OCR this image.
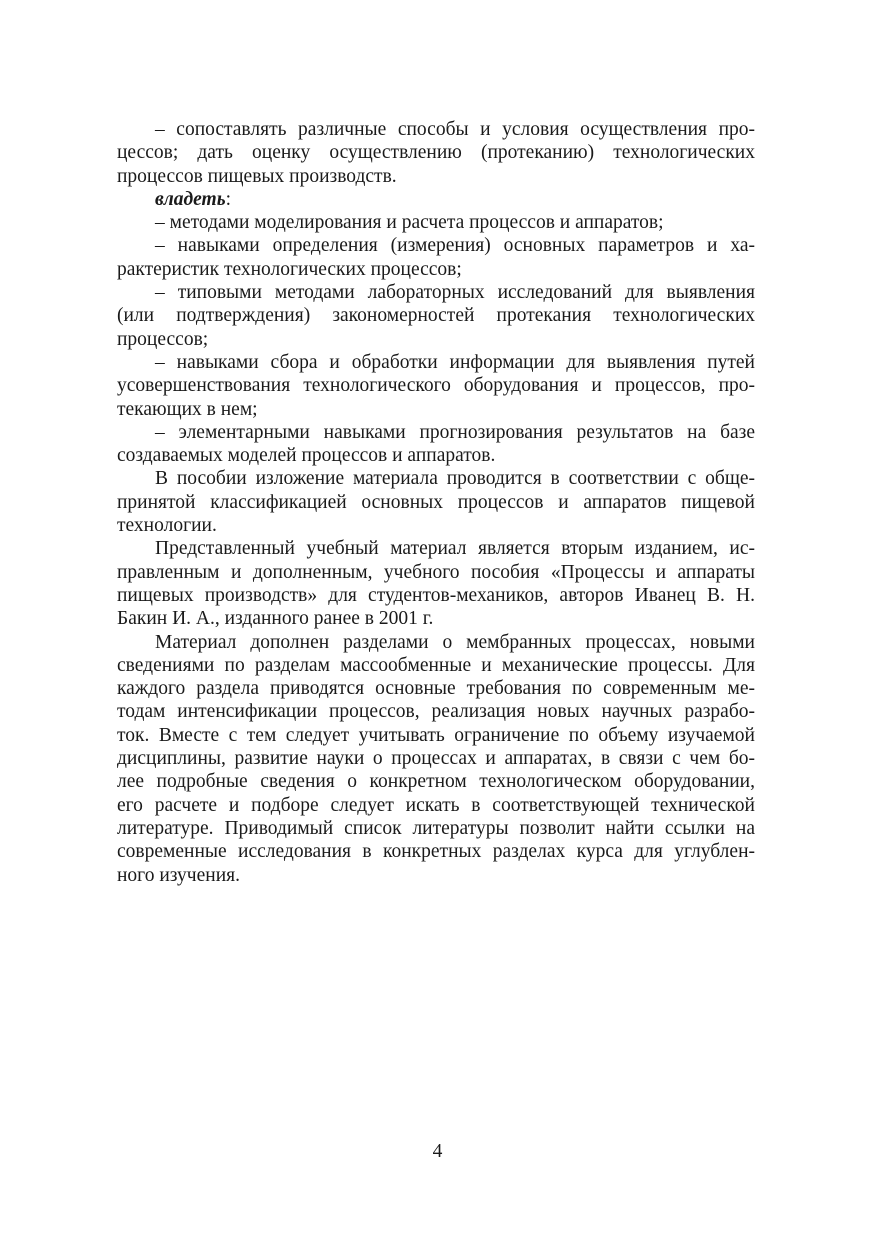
– сопоставлять различные способы и условия осуществления про-
цессов; дать оценку осуществлению (протеканию) технологических
процессов пищевых производств.
владеть:
– методами моделирования и расчета процессов и аппаратов;
– навыками определения (измерения) основных параметров и ха-
рактеристик технологических процессов;
– типовыми методами лабораторных исследований для выявления
(или подтверждения) закономерностей протекания технологических
процессов;
– навыками сбора и обработки информации для выявления путей
усовершенствования технологического оборудования и процессов, про-
текающих в нем;
– элементарными навыками прогнозирования результатов на базе
создаваемых моделей процессов и аппаратов.
В пособии изложение материала проводится в соответствии с обще-
принятой классификацией основных процессов и аппаратов пищевой
технологии.
Представленный учебный материал является вторым изданием, ис-
правленным и дополненным, учебного пособия «Процессы и аппараты
пищевых производств» для студентов-механиков, авторов Иванец В. Н.
Бакин И. А., изданного ранее в 2001 г.
Материал дополнен разделами о мембранных процессах, новыми
сведениями по разделам массообменные и механические процессы. Для
каждого раздела приводятся основные требования по современным ме-
тодам интенсификации процессов, реализация новых научных разрабо-
ток. Вместе с тем следует учитывать ограничение по объему изучаемой
дисциплины, развитие науки о процессах и аппаратах, в связи с чем бо-
лее подробные сведения о конкретном технологическом оборудовании,
его расчете и подборе следует искать в соответствующей технической
литературе. Приводимый список литературы позволит найти ссылки на
современные исследования в конкретных разделах курса для углублен-
ного изучения.
4
